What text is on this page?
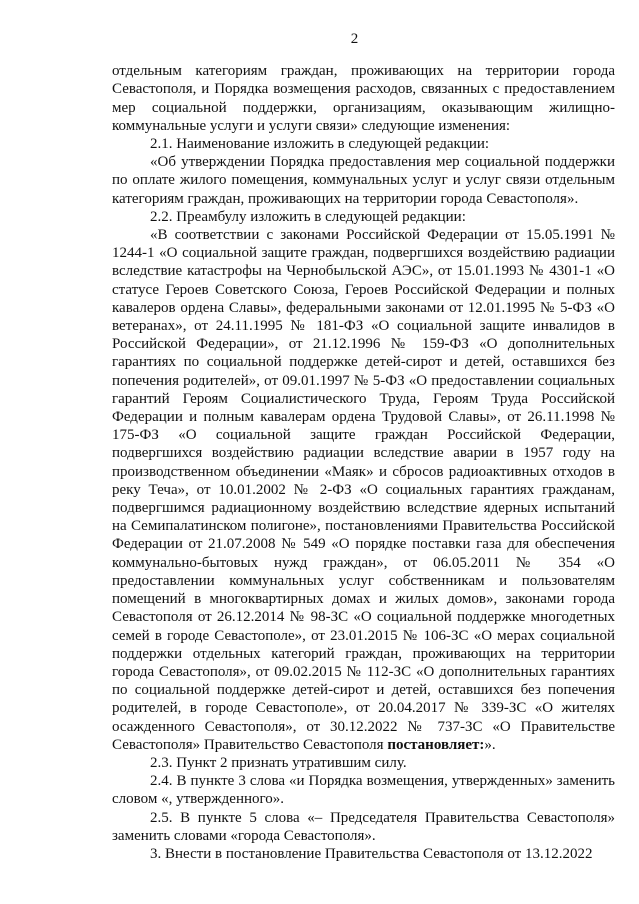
2

отдельным категориям граждан, проживающих на территории города Севастополя, и Порядка возмещения расходов, связанных с предоставлением мер социальной поддержки, организациям, оказывающим жилищно-коммунальные услуги и услуги связи» следующие изменения:

2.1. Наименование изложить в следующей редакции:

«Об утверждении Порядка предоставления мер социальной поддержки по оплате жилого помещения, коммунальных услуг и услуг связи отдельным категориям граждан, проживающих на территории города Севастополя».

2.2. Преамбулу изложить в следующей редакции:

«В соответствии с законами Российской Федерации от 15.05.1991 № 1244-1 «О социальной защите граждан, подвергшихся воздействию радиации вследствие катастрофы на Чернобыльской АЭС», от 15.01.1993 № 4301-1 «О статусе Героев Советского Союза, Героев Российской Федерации и полных кавалеров ордена Славы», федеральными законами от 12.01.1995 № 5-ФЗ «О ветеранах», от 24.11.1995 № 181-ФЗ «О социальной защите инвалидов в Российской Федерации», от 21.12.1996 № 159-ФЗ «О дополнительных гарантиях по социальной поддержке детей-сирот и детей, оставшихся без попечения родителей», от 09.01.1997 № 5-ФЗ «О предоставлении социальных гарантий Героям Социалистического Труда, Героям Труда Российской Федерации и полным кавалерам ордена Трудовой Славы», от 26.11.1998 № 175-ФЗ «О социальной защите граждан Российской Федерации, подвергшихся воздействию радиации вследствие аварии в 1957 году на производственном объединении «Маяк» и сбросов радиоактивных отходов в реку Теча», от 10.01.2002 № 2-ФЗ «О социальных гарантиях гражданам, подвергшимся радиационному воздействию вследствие ядерных испытаний на Семипалатинском полигоне», постановлениями Правительства Российской Федерации от 21.07.2008 № 549 «О порядке поставки газа для обеспечения коммунально-бытовых нужд граждан», от 06.05.2011 № 354 «О предоставлении коммунальных услуг собственникам и пользователям помещений в многоквартирных домах и жилых домов», законами города Севастополя от 26.12.2014 № 98-ЗС «О социальной поддержке многодетных семей в городе Севастополе», от 23.01.2015 № 106-ЗС «О мерах социальной поддержки отдельных категорий граждан, проживающих на территории города Севастополя», от 09.02.2015 № 112-ЗС «О дополнительных гарантиях по социальной поддержке детей-сирот и детей, оставшихся без попечения родителей, в городе Севастополе», от 20.04.2017 № 339-ЗС «О жителях осажденного Севастополя», от 30.12.2022 № 737-ЗС «О Правительстве Севастополя» Правительство Севастополя постановляет:».

2.3. Пункт 2 признать утратившим силу.

2.4. В пункте 3 слова «и Порядка возмещения, утвержденных» заменить словом «, утвержденного».

2.5. В пункте 5 слова «– Председателя Правительства Севастополя» заменить словами «города Севастополя».

3. Внести в постановление Правительства Севастополя от 13.12.2022
